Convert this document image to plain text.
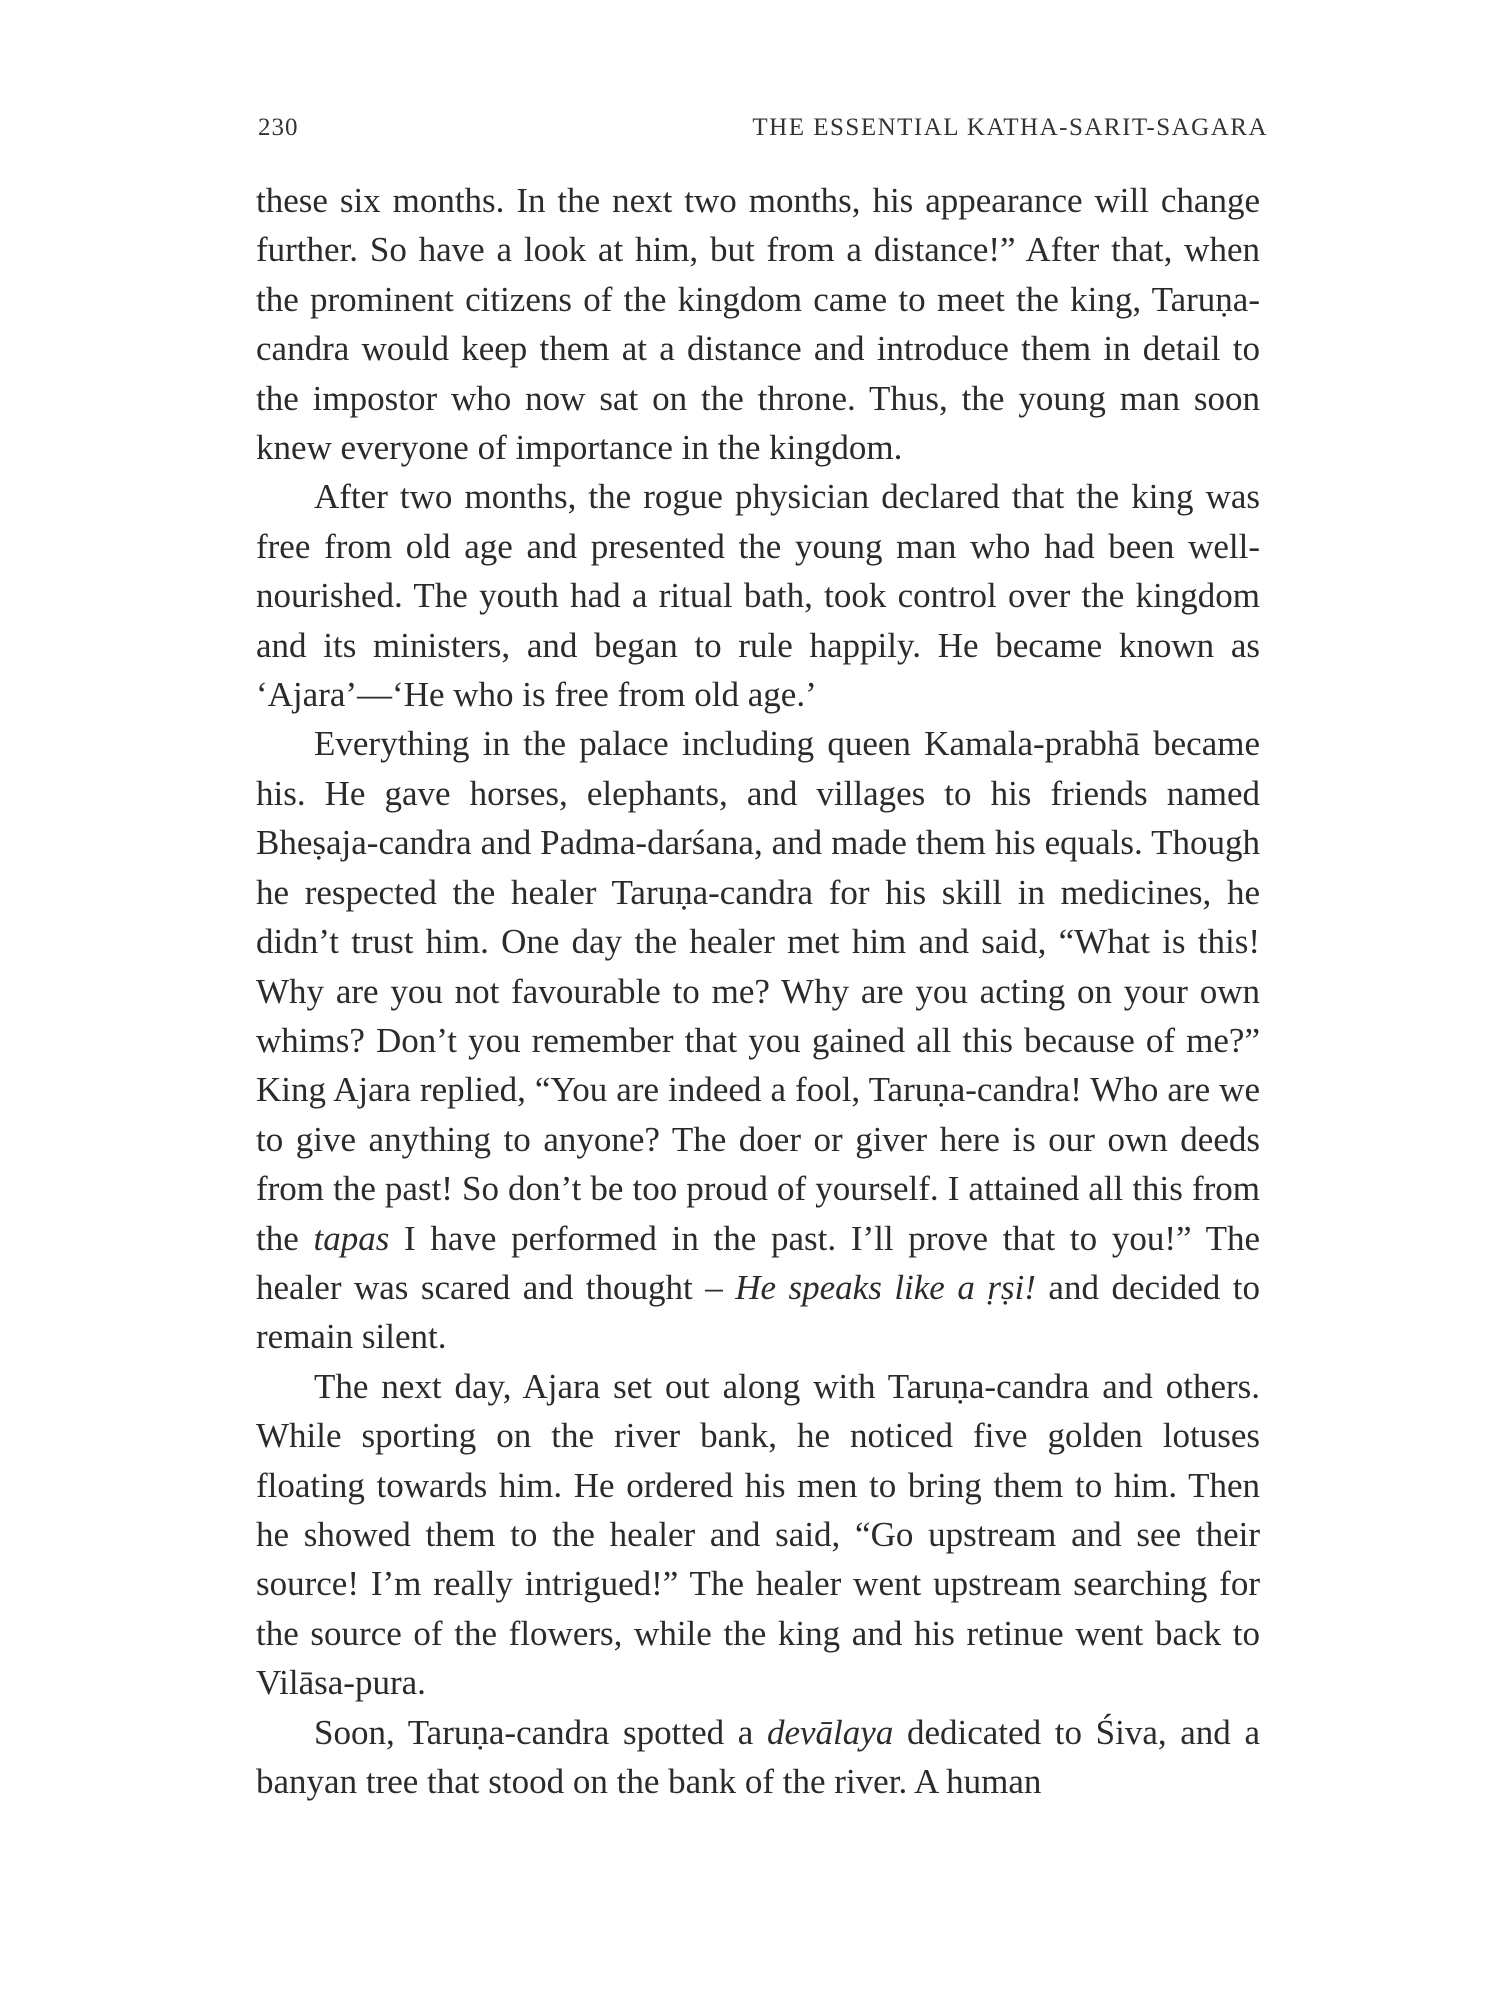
230	THE ESSENTIAL KATHA-SARIT-SAGARA

these six months. In the next two months, his appearance will change further. So have a look at him, but from a distance!” After that, when the prominent citizens of the kingdom came to meet the king, Taruṇa-candra would keep them at a distance and introduce them in detail to the impostor who now sat on the throne. Thus, the young man soon knew everyone of importance in the kingdom.

After two months, the rogue physician declared that the king was free from old age and presented the young man who had been well-nourished. The youth had a ritual bath, took control over the kingdom and its ministers, and began to rule happily. He became known as ‘Ajara’—‘He who is free from old age.’

Everything in the palace including queen Kamala-prabhā became his. He gave horses, elephants, and villages to his friends named Bheṣaja-candra and Padma-darśana, and made them his equals. Though he respected the healer Taruṇa-candra for his skill in medicines, he didn’t trust him. One day the healer met him and said, “What is this! Why are you not favourable to me? Why are you acting on your own whims? Don’t you remember that you gained all this because of me?” King Ajara replied, “You are indeed a fool, Taruṇa-candra! Who are we to give anything to anyone? The doer or giver here is our own deeds from the past! So don’t be too proud of yourself. I attained all this from the tapas I have performed in the past. I’ll prove that to you!” The healer was scared and thought – He speaks like a ṛṣi! and decided to remain silent.

The next day, Ajara set out along with Taruṇa-candra and others. While sporting on the river bank, he noticed five golden lotuses floating towards him. He ordered his men to bring them to him. Then he showed them to the healer and said, “Go upstream and see their source! I’m really intrigued!” The healer went upstream searching for the source of the flowers, while the king and his retinue went back to Vilāsa-pura.

Soon, Taruṇa-candra spotted a devālaya dedicated to Śiva, and a banyan tree that stood on the bank of the river. A human
